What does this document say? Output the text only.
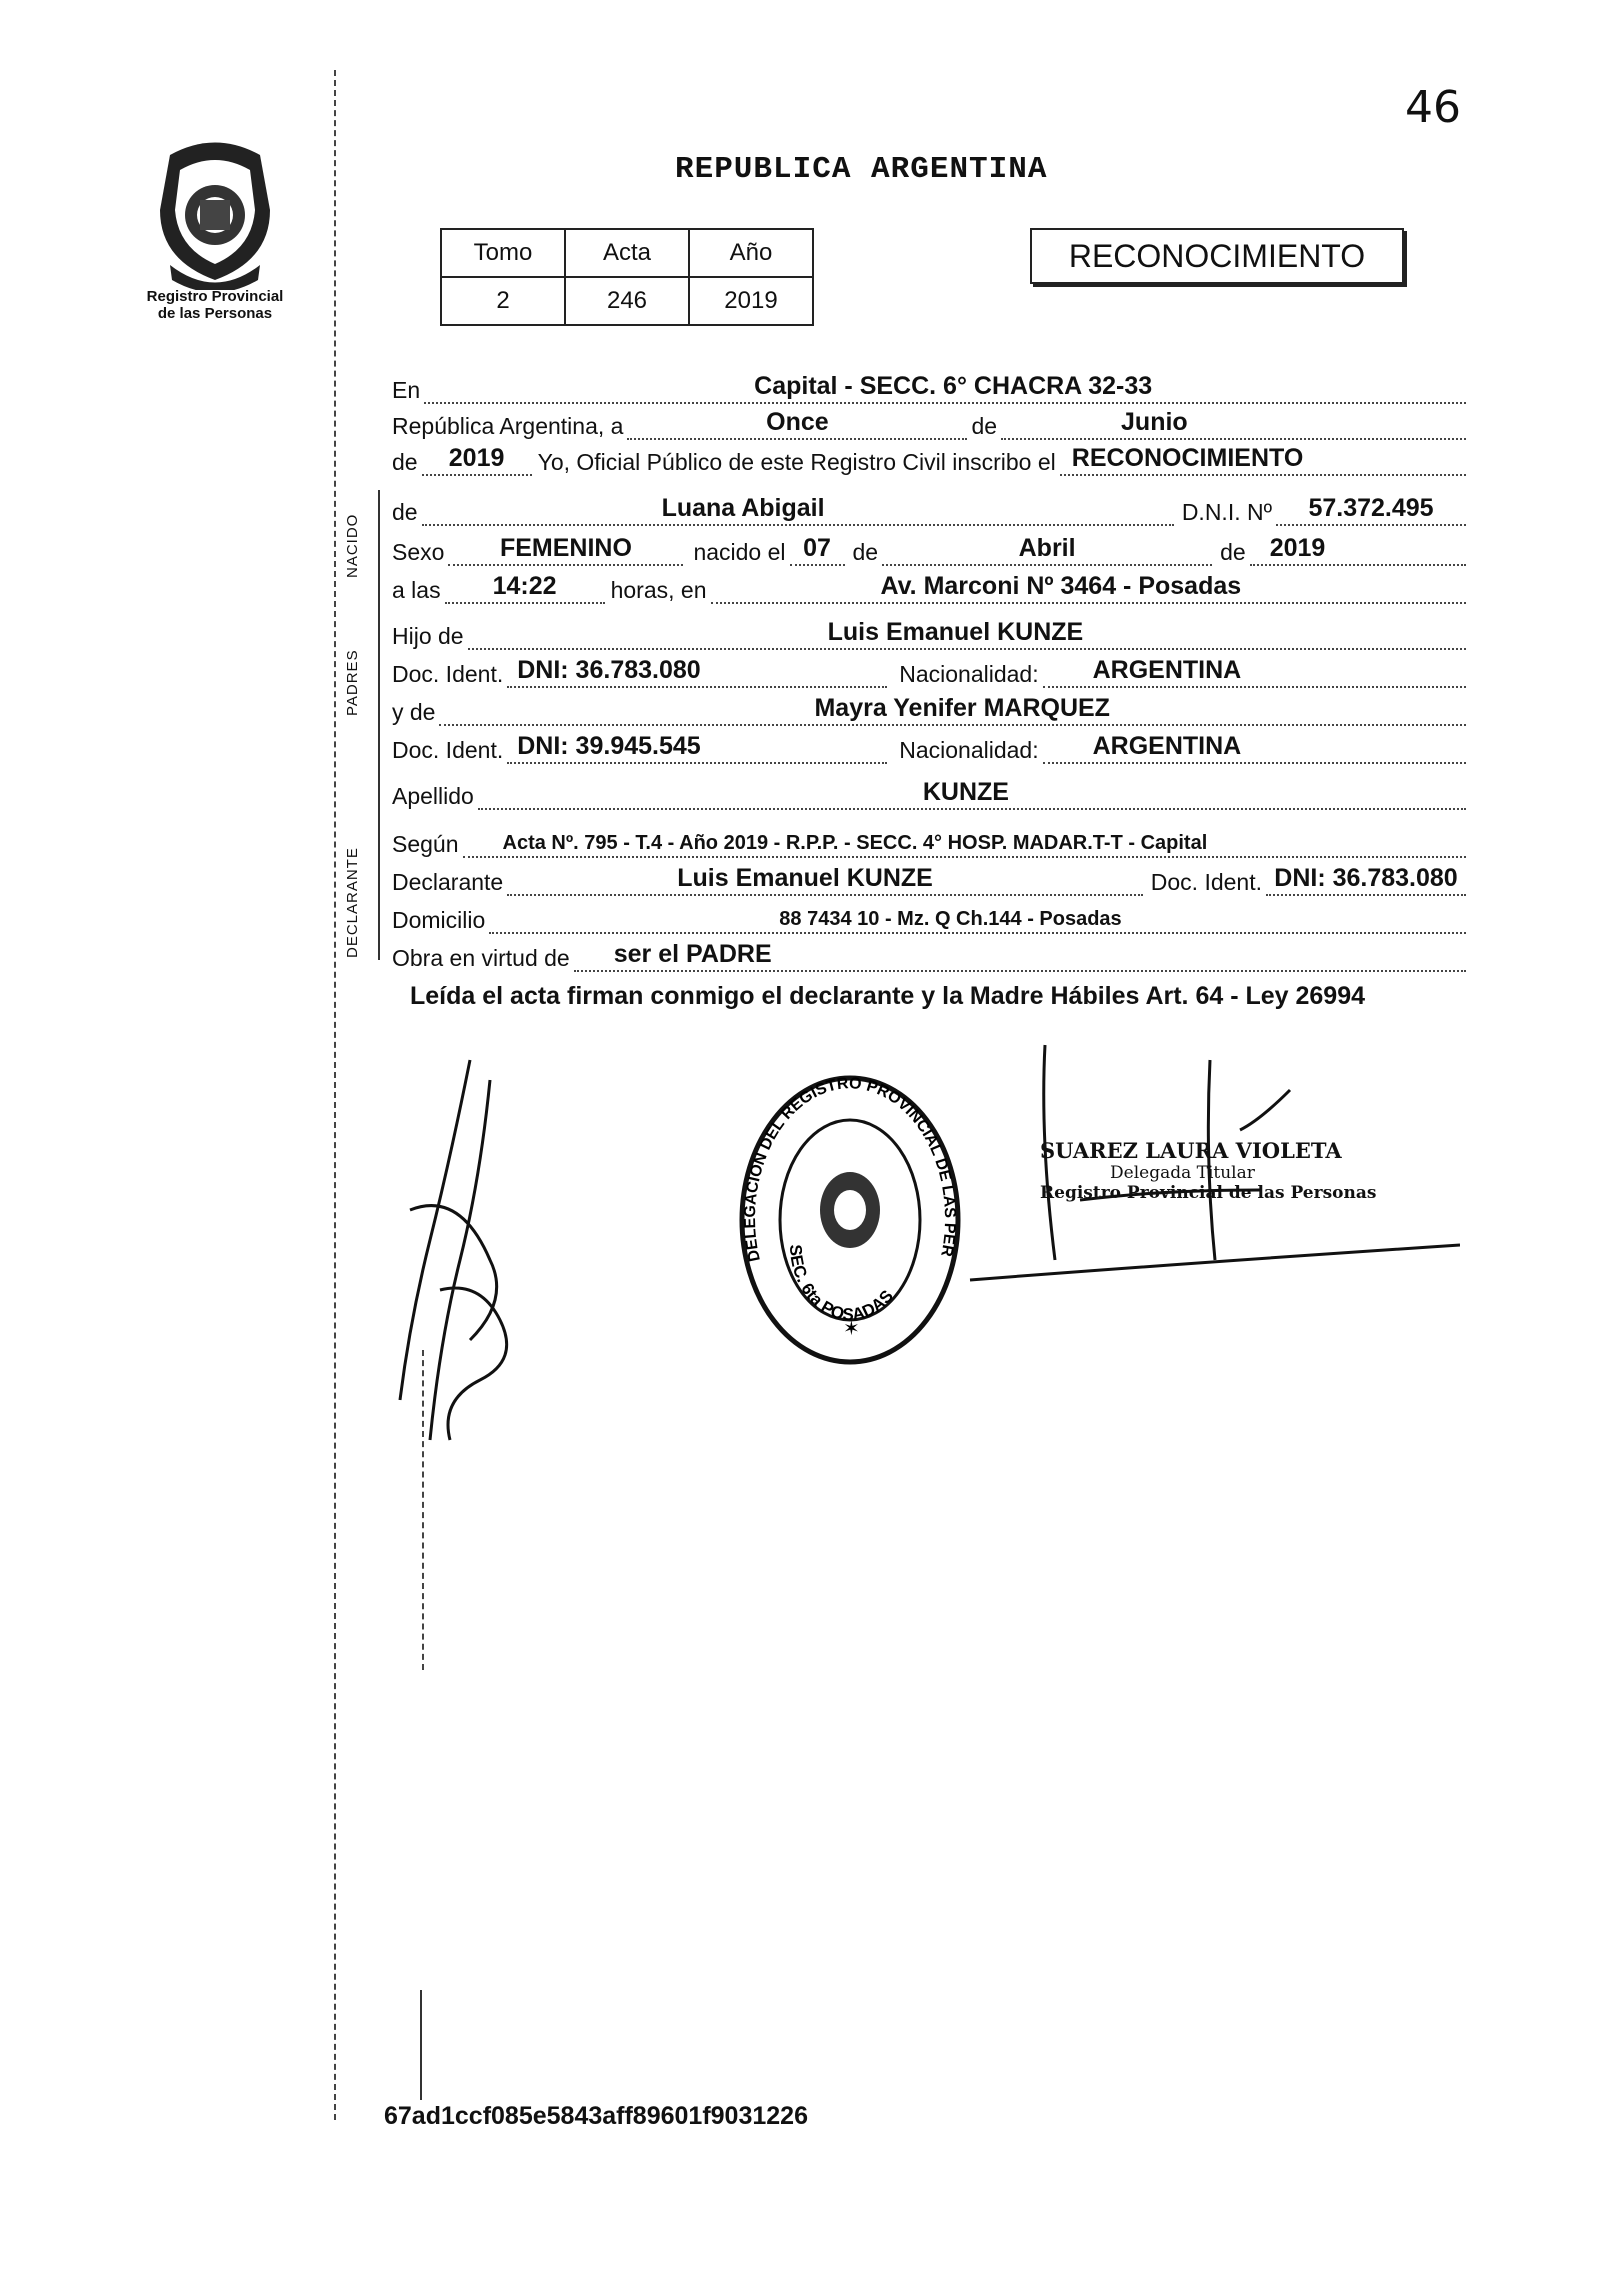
46
Registro Provincial
de las Personas
REPUBLICA ARGENTINA
Tomo	Acta	Año
2	246	2019
RECONOCIMIENTO
NACIDO
PADRES
DECLARANTE
En	Capital - SECC. 6° CHACRA 32-33
República Argentina, a	Once	de	Junio
de	2019	Yo, Oficial Público de este Registro Civil inscribo el RECONOCIMIENTO
de	Luana Abigail	D.N.I. Nº	57.372.495
Sexo	FEMENINO	nacido el 07 de	Abril	de 2019
a las	14:22	horas, en	Av. Marconi Nº 3464 - Posadas
Hijo de	Luis Emanuel KUNZE
Doc. Ident. DNI: 36.783.080	Nacionalidad: ARGENTINA
y de	Mayra Yenifer MARQUEZ
Doc. Ident. DNI: 39.945.545	Nacionalidad: ARGENTINA
Apellido	KUNZE
Según Acta Nº. 795 - T.4 - Año 2019 - R.P.P. - SECC. 4° HOSP. MADAR.T-T - Capital
Declarante	Luis Emanuel KUNZE	Doc. Ident. DNI: 36.783.080
Domicilio	88 7434 10 - Mz. Q Ch.144 - Posadas
Obra en virtud de ser el PADRE
Leída el acta firman conmigo el declarante y la Madre Hábiles Art. 64 - Ley 26994
DELEGACION DEL REGISTRO PROVINCIAL DE LAS PER
SEC. 6ta POSADAS
✶
SUAREZ LAURA VIOLETA
Delegada Titular
Registro Provincial de las Personas
67ad1ccf085e5843aff89601f9031226
